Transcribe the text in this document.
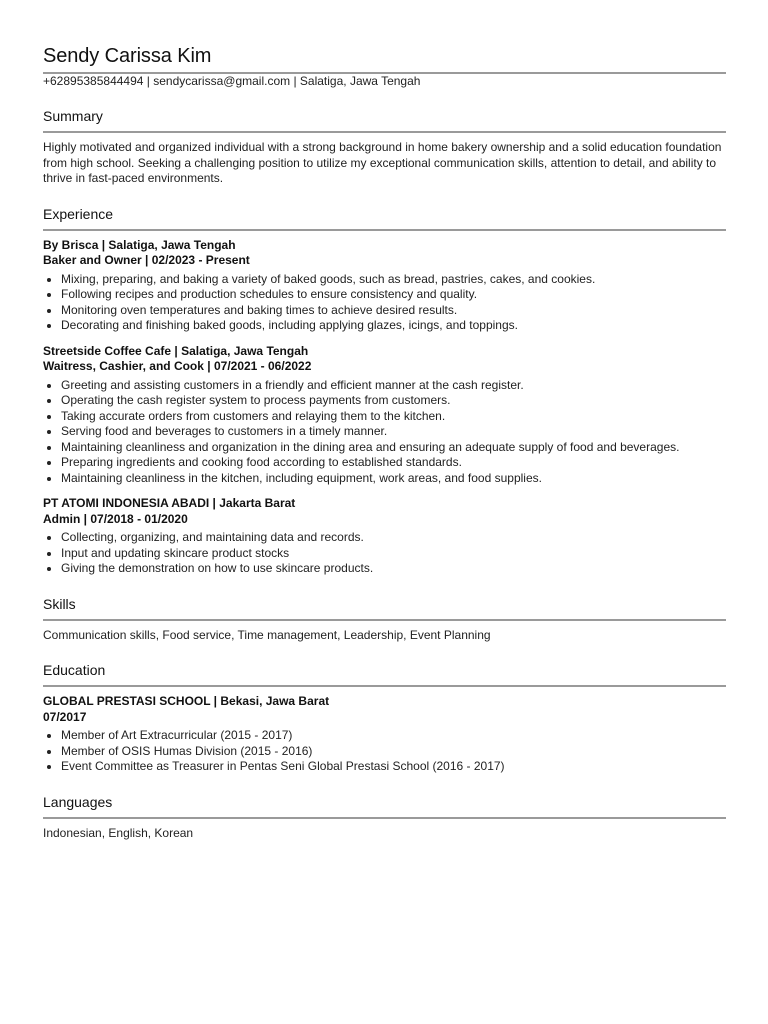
Sendy Carissa Kim
+62895385844494 | sendycarissa@gmail.com | Salatiga, Jawa Tengah
Summary
Highly motivated and organized individual with a strong background in home bakery ownership and a solid education foundation from high school. Seeking a challenging position to utilize my exceptional communication skills, attention to detail, and ability to thrive in fast-paced environments.
Experience
By Brisca | Salatiga, Jawa Tengah
Baker and Owner | 02/2023 - Present
• Mixing, preparing, and baking a variety of baked goods, such as bread, pastries, cakes, and cookies.
• Following recipes and production schedules to ensure consistency and quality.
• Monitoring oven temperatures and baking times to achieve desired results.
• Decorating and finishing baked goods, including applying glazes, icings, and toppings.
Streetside Coffee Cafe | Salatiga, Jawa Tengah
Waitress, Cashier, and Cook | 07/2021 - 06/2022
• Greeting and assisting customers in a friendly and efficient manner at the cash register.
• Operating the cash register system to process payments from customers.
• Taking accurate orders from customers and relaying them to the kitchen.
• Serving food and beverages to customers in a timely manner.
• Maintaining cleanliness and organization in the dining area and ensuring an adequate supply of food and beverages.
• Preparing ingredients and cooking food according to established standards.
• Maintaining cleanliness in the kitchen, including equipment, work areas, and food supplies.
PT ATOMI INDONESIA ABADI | Jakarta Barat
Admin | 07/2018 - 01/2020
• Collecting, organizing, and maintaining data and records.
• Input and updating skincare product stocks
• Giving the demonstration on how to use skincare products.
Skills
Communication skills, Food service, Time management, Leadership, Event Planning
Education
GLOBAL PRESTASI SCHOOL | Bekasi, Jawa Barat
07/2017
• Member of Art Extracurricular (2015 - 2017)
• Member of OSIS Humas Division (2015 - 2016)
• Event Committee as Treasurer in Pentas Seni Global Prestasi School (2016 - 2017)
Languages
Indonesian, English, Korean
